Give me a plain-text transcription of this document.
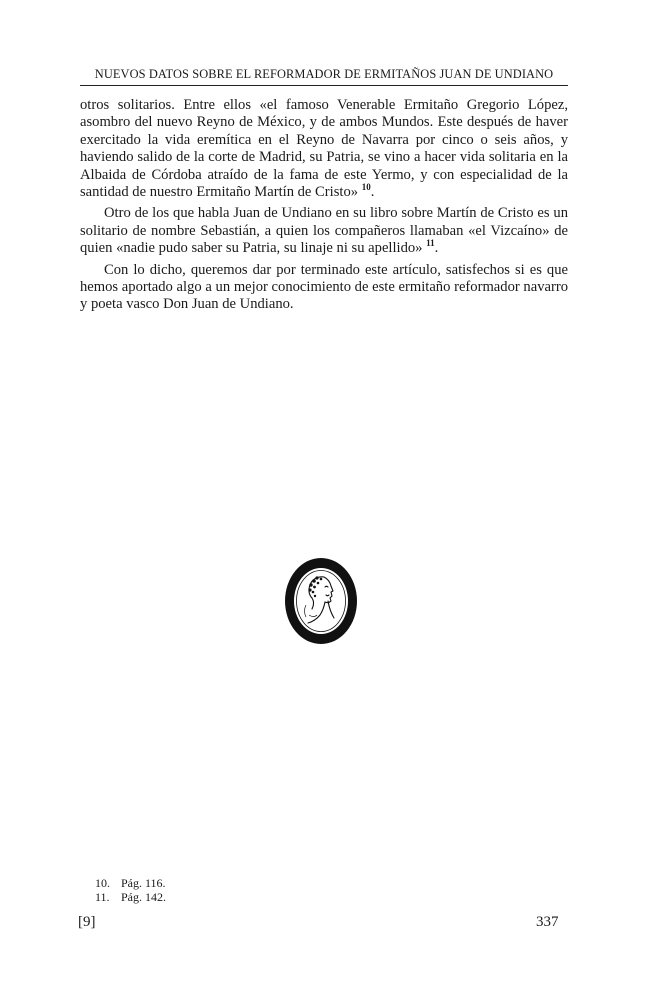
NUEVOS DATOS SOBRE EL REFORMADOR DE ERMITAÑOS JUAN DE UNDIANO

otros solitarios. Entre ellos «el famoso Venerable Ermitaño Gregorio López, asombro del nuevo Reyno de México, y de ambos Mundos. Este después de haver exercitado la vida eremítica en el Reyno de Navarra por cinco o seis años, y haviendo salido de la corte de Madrid, su Patria, se vino a hacer vida solitaria en la Albaida de Córdoba atraído de la fama de este Yermo, y con especialidad de la santidad de nuestro Ermitaño Martín de Cristo» $^{10}$.

Otro de los que habla Juan de Undiano en su libro sobre Martín de Cristo es un solitario de nombre Sebastián, a quien los compañeros llamaban «el Vizcaíno» de quien «nadie pudo saber su Patria, su linaje ni su apellido» $^{11}$.

Con lo dicho, queremos dar por terminado este artículo, satisfechos si es que hemos aportado algo a un mejor conocimiento de este ermitaño reformador navarro y poeta vasco Don Juan de Undiano.

10. Pág. 116.
11. Pág. 142.
[9]	337
